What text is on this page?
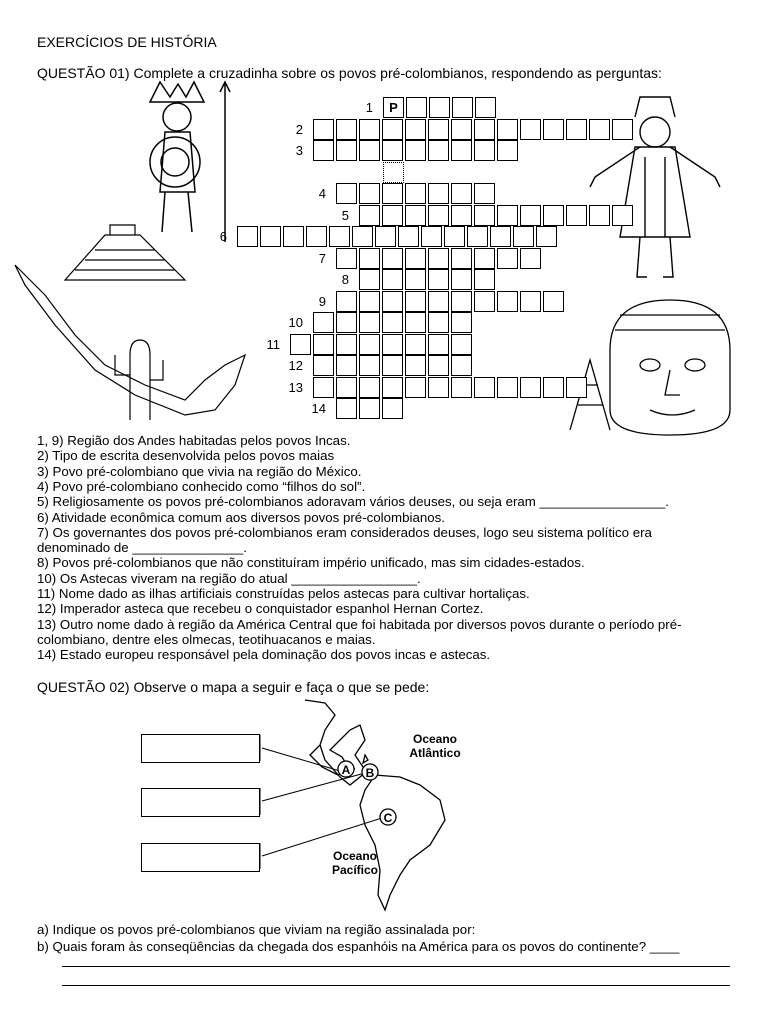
EXERCÍCIOS DE HISTÓRIA
QUESTÃO 01) Complete a cruzadinha sobre os povos pré-colombianos, respondendo as perguntas:
1	P
2
3
4
5
6
7
8
9
10
11
12
13
14
1, 9) Região dos Andes habitadas pelos povos Incas.
2) Tipo de escrita desenvolvida pelos povos maias
3) Povo pré-colombiano que vivia na região do México.
4) Povo pré-colombiano conhecido como “filhos do sol”.
5) Religiosamente os povos pré-colombianos adoravam vários deuses, ou seja eram _________________.
6) Atividade econômica comum aos diversos povos pré-colombianos.
7) Os governantes dos povos pré-colombianos eram considerados deuses, logo seu sistema político era
denominado de _______________.
8) Povos pré-colombianos que não constituíram império unificado, mas sim cidades-estados.
10) Os Astecas viveram na região do atual _________________.
11) Nome dado as ilhas artificiais construídas pelos astecas para cultivar hortaliças.
12) Imperador asteca que recebeu o conquistador espanhol Hernan Cortez.
13) Outro nome dado à região da América Central que foi habitada por diversos povos durante o período pré-
colombiano, dentre eles olmecas, teotihuacanos e maias.
14) Estado europeu responsável pela dominação dos povos incas e astecas.
QUESTÃO 02) Observe o mapa a seguir e faça o que se pede:
A B
C
Oceano
Atlântico
Oceano
Pacífico
a) Indique os povos pré-colombianos que viviam na região assinalada por:
b) Quais foram às conseqüências da chegada dos espanhóis na América para os povos do continente? ____
